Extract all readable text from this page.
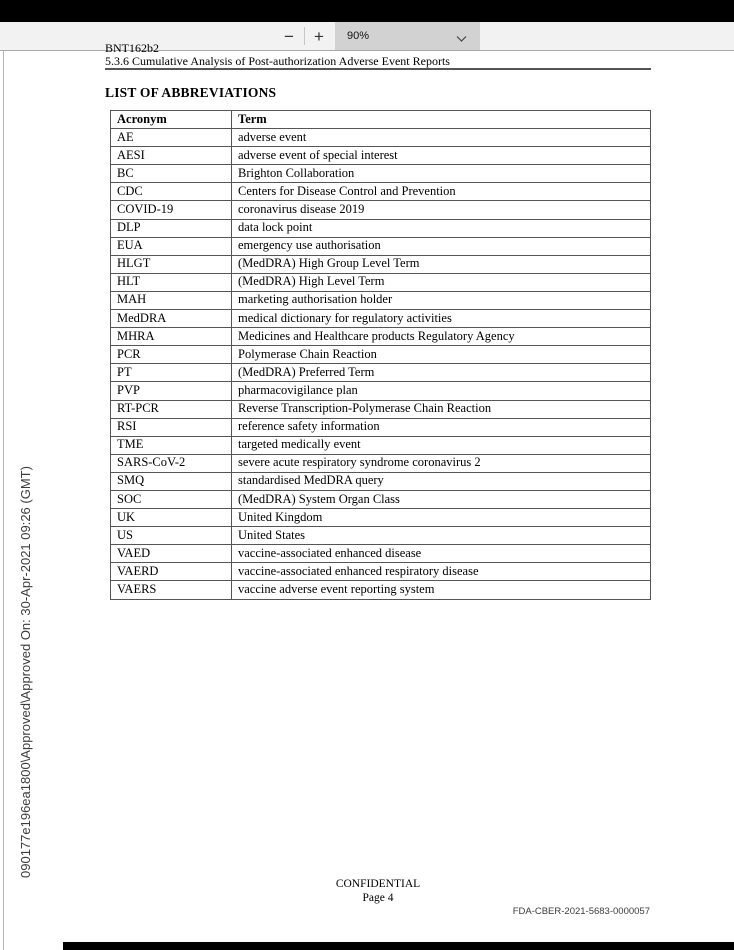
−	+	90%
BNT162b2
5.3.6 Cumulative Analysis of Post-authorization Adverse Event Reports
LIST OF ABBREVIATIONS
Acronym	Term
AE	adverse event
AESI	adverse event of special interest
BC	Brighton Collaboration
CDC	Centers for Disease Control and Prevention
COVID-19	coronavirus disease 2019
DLP	data lock point
EUA	emergency use authorisation
HLGT	(MedDRA) High Group Level Term
HLT	(MedDRA) High Level Term
MAH	marketing authorisation holder
MedDRA	medical dictionary for regulatory activities
MHRA	Medicines and Healthcare products Regulatory Agency
PCR	Polymerase Chain Reaction
PT	(MedDRA) Preferred Term
PVP	pharmacovigilance plan
RT-PCR	Reverse Transcription-Polymerase Chain Reaction
RSI	reference safety information
TME	targeted medically event
SARS-CoV-2	severe acute respiratory syndrome coronavirus 2
SMQ	standardised MedDRA query
SOC	(MedDRA) System Organ Class
UK	United Kingdom
US	United States
VAED	vaccine-associated enhanced disease
VAERD	vaccine-associated enhanced respiratory disease
VAERS	vaccine adverse event reporting system
090177e196ea1800\Approved\Approved On: 30-Apr-2021 09:26 (GMT)
CONFIDENTIAL
Page 4
FDA-CBER-2021-5683-0000057
